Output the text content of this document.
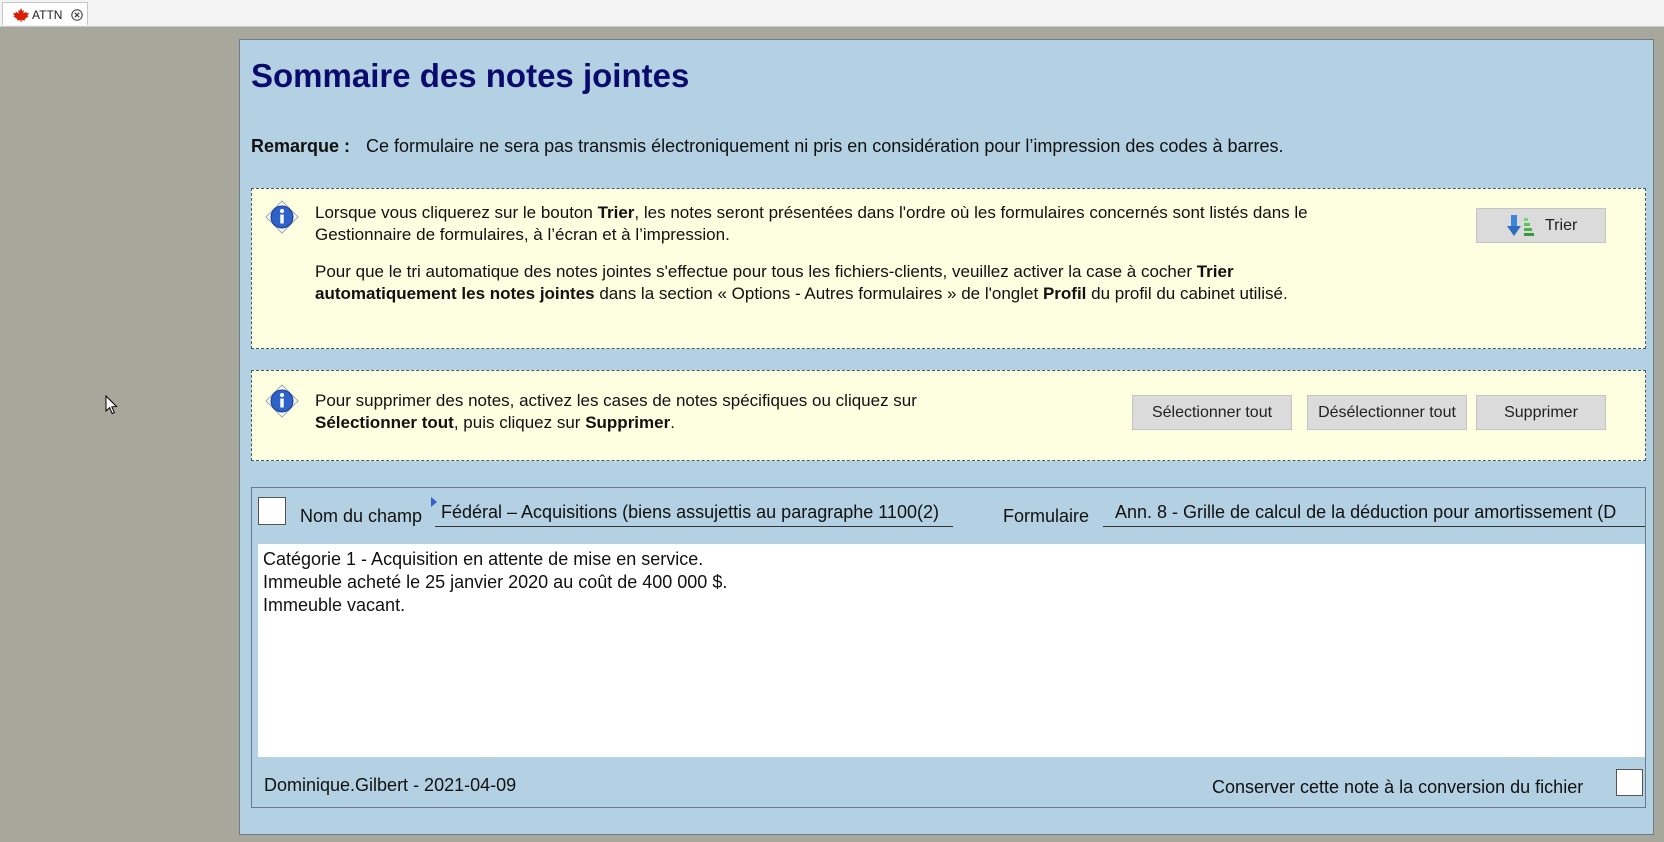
ATTN
Sommaire des notes jointes
Remarque : Ce formulaire ne sera pas transmis électroniquement ni pris en considération pour l’impression des codes à barres.
Lorsque vous cliquerez sur le bouton Trier, les notes seront présentées dans l'ordre où les formulaires concernés sont listés dans le Gestionnaire de formulaires, à l’écran et à l’impression.
Pour que le tri automatique des notes jointes s'effectue pour tous les fichiers-clients, veuillez activer la case à cocher Trier automatiquement les notes jointes dans la section « Options - Autres formulaires » de l'onglet Profil du profil du cabinet utilisé.
Trier
Pour supprimer des notes, activez les cases de notes spécifiques ou cliquez sur Sélectionner tout, puis cliquez sur Supprimer.
Sélectionner tout	Désélectionner tout	Supprimer
Nom du champ	Fédéral – Acquisitions (biens assujettis au paragraphe 1100(2)	Formulaire	Ann. 8 - Grille de calcul de la déduction pour amortissement (D
Catégorie 1 - Acquisition en attente de mise en service.
Immeuble acheté le 25 janvier 2020 au coût de 400 000 $.
Immeuble vacant.
Dominique.Gilbert - 2021-04-09	Conserver cette note à la conversion du fichier
